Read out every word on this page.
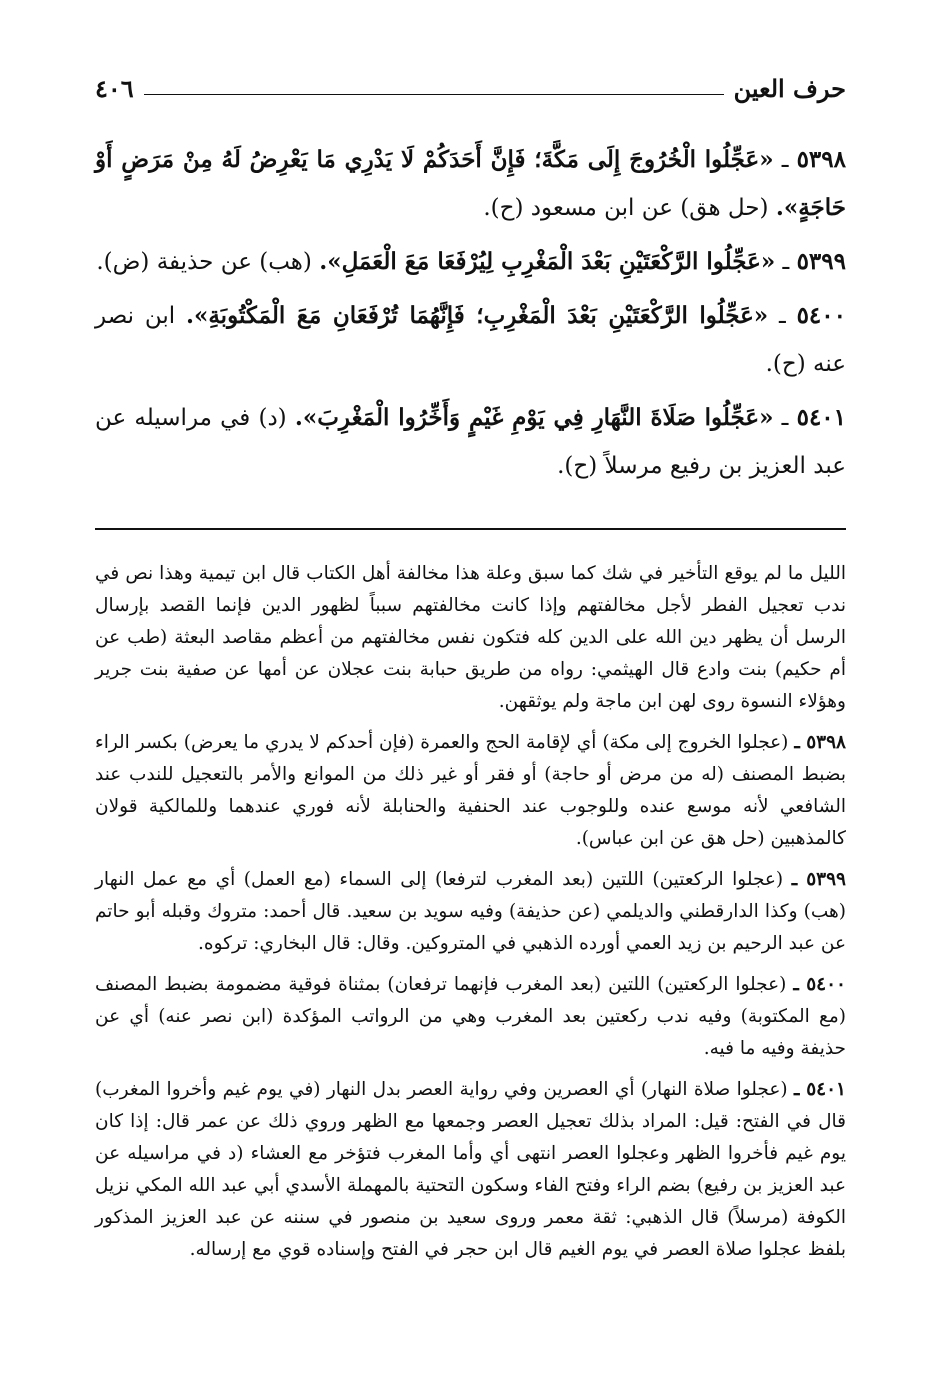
٤٠٦	حرف العين

٥٣٩٨ ـ «عَجِّلُوا الْخُرُوجَ إِلَى مَكَّةَ؛ فَإِنَّ أَحَدَكُمْ لَا يَدْرِي مَا يَعْرِضُ لَهُ مِنْ مَرَضٍ أَوْ حَاجَةٍ». (حل هق) عن ابن مسعود (ح).

٥٣٩٩ ـ «عَجِّلُوا الرَّكْعَتَيْنِ بَعْدَ الْمَغْرِبِ لِيُرْفَعَا مَعَ الْعَمَلِ». (هب) عن حذيفة (ض).

٥٤٠٠ ـ «عَجِّلُوا الرَّكْعَتَيْنِ بَعْدَ الْمَغْرِبِ؛ فَإِنَّهُمَا تُرْفَعَانِ مَعَ الْمَكْتُوبَةِ». ابن نصر عنه (ح).

٥٤٠١ ـ «عَجِّلُوا صَلَاةَ النَّهَارِ فِي يَوْمِ غَيْمٍ وَأَخِّرُوا الْمَغْرِبَ». (د) في مراسيله عن عبد العزيز بن رفيع مرسلاً (ح).

الليل ما لم يوقع التأخير في شك كما سبق وعلة هذا مخالفة أهل الكتاب قال ابن تيمية وهذا نص في ندب تعجيل الفطر لأجل مخالفتهم وإذا كانت مخالفتهم سبباً لظهور الدين فإنما القصد بإرسال الرسل أن يظهر دين الله على الدين كله فتكون نفس مخالفتهم من أعظم مقاصد البعثة (طب عن أم حكيم) بنت وادع قال الهيثمي: رواه من طريق حبابة بنت عجلان عن أمها عن صفية بنت جرير وهؤلاء النسوة روى لهن ابن ماجة ولم يوثقهن.

٥٣٩٨ ـ (عجلوا الخروج إلى مكة) أي لإقامة الحج والعمرة (فإن أحدكم لا يدري ما يعرض) بكسر الراء بضبط المصنف (له من مرض أو حاجة) أو فقر أو غير ذلك من الموانع والأمر بالتعجيل للندب عند الشافعي لأنه موسع عنده وللوجوب عند الحنفية والحنابلة لأنه فوري عندهما وللمالكية قولان كالمذهبين (حل هق عن ابن عباس).

٥٣٩٩ ـ (عجلوا الركعتين) اللتين (بعد المغرب لترفعا) إلى السماء (مع العمل) أي مع عمل النهار (هب) وكذا الدارقطني والديلمي (عن حذيفة) وفيه سويد بن سعيد. قال أحمد: متروك وقبله أبو حاتم عن عبد الرحيم بن زيد العمي أورده الذهبي في المتروكين. وقال: قال البخاري: تركوه.

٥٤٠٠ ـ (عجلوا الركعتين) اللتين (بعد المغرب فإنهما ترفعان) بمثناة فوقية مضمومة بضبط المصنف (مع المكتوبة) وفيه ندب ركعتين بعد المغرب وهي من الرواتب المؤكدة (ابن نصر عنه) أي عن حذيفة وفيه ما فيه.

٥٤٠١ ـ (عجلوا صلاة النهار) أي العصرين وفي رواية العصر بدل النهار (في يوم غيم وأخروا المغرب) قال في الفتح: قيل: المراد بذلك تعجيل العصر وجمعها مع الظهر وروي ذلك عن عمر قال: إذا كان يوم غيم فأخروا الظهر وعجلوا العصر انتهى أي وأما المغرب فتؤخر مع العشاء (د في مراسيله عن عبد العزيز بن رفيع) بضم الراء وفتح الفاء وسكون التحتية بالمهملة الأسدي أبي عبد الله المكي نزيل الكوفة (مرسلاً) قال الذهبي: ثقة معمر وروى سعيد بن منصور في سننه عن عبد العزيز المذكور بلفظ عجلوا صلاة العصر في يوم الغيم قال ابن حجر في الفتح وإسناده قوي مع إرساله.
